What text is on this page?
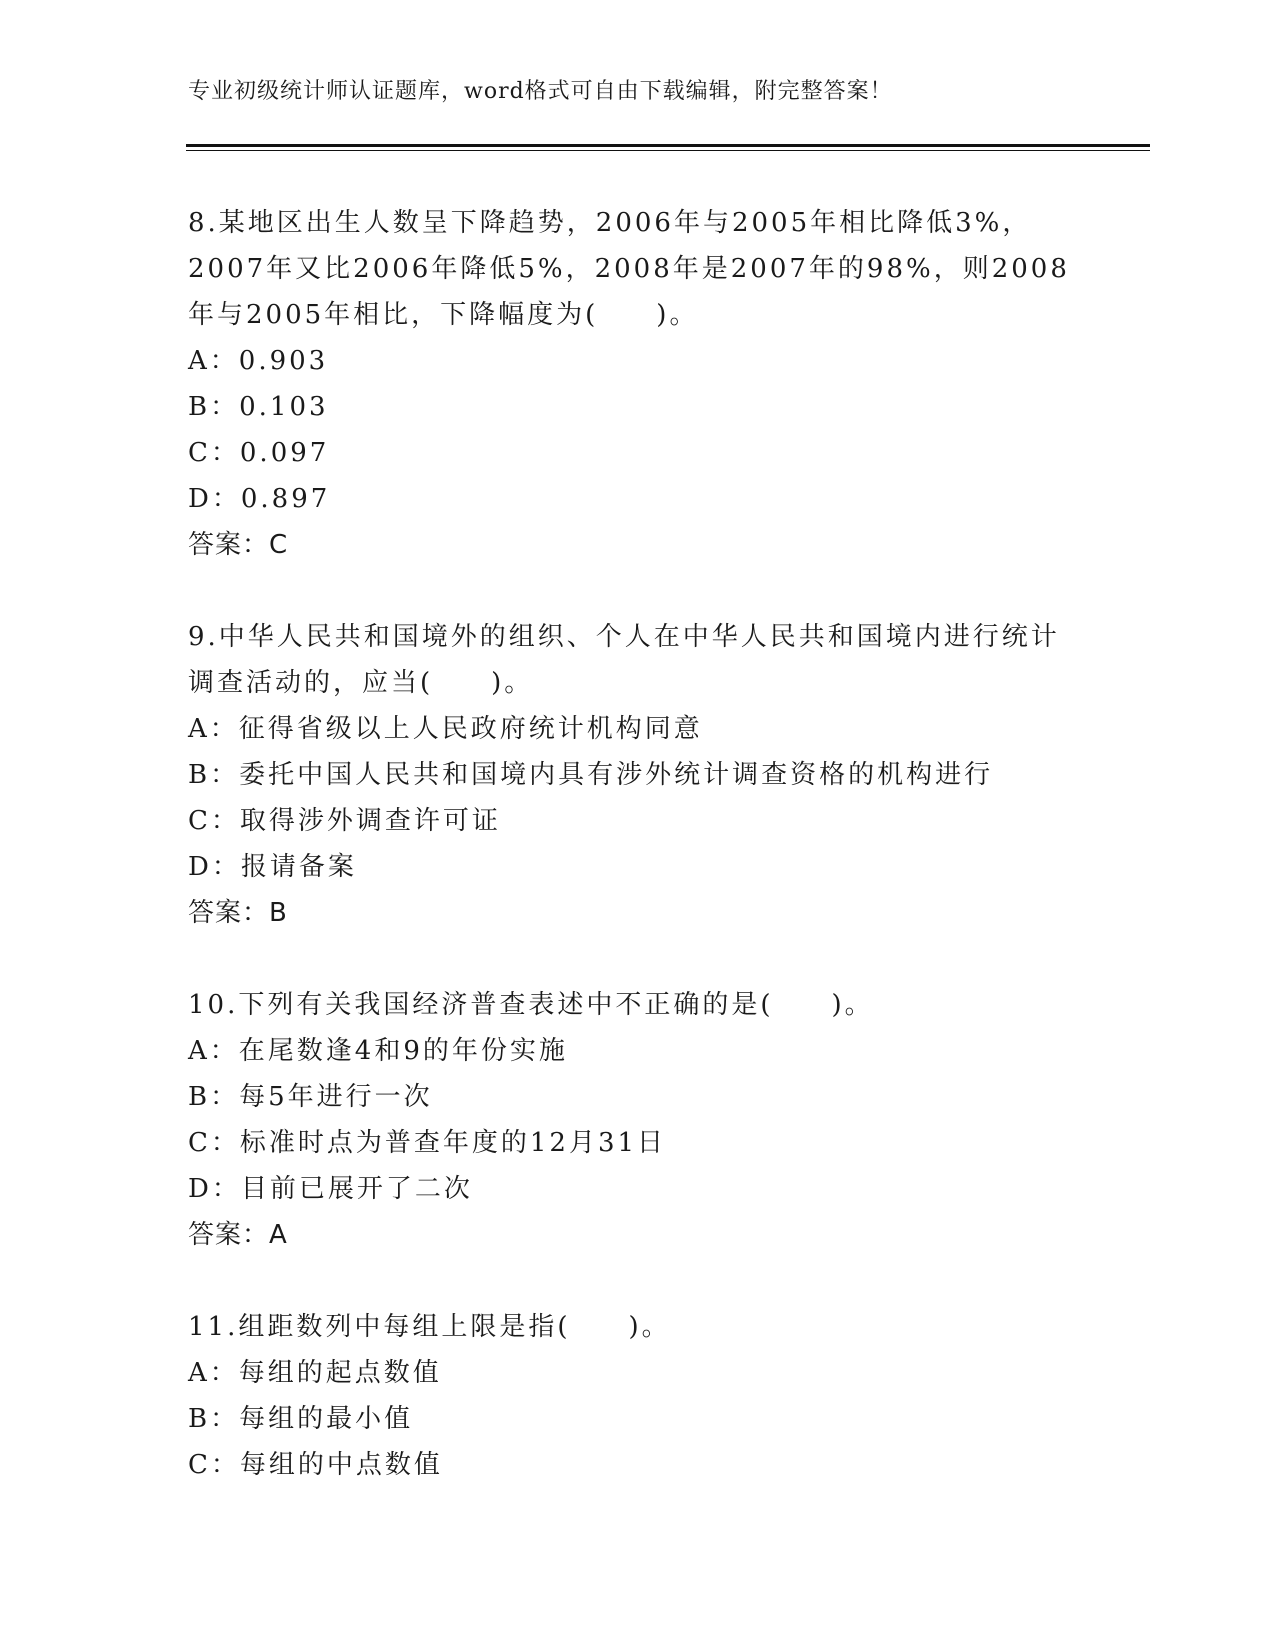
专业初级统计师认证题库，word格式可自由下载编辑，附完整答案！
8.某地区出生人数呈下降趋势，2006年与2005年相比降低3%，2007年又比2006年降低5%，2008年是2007年的98%，则2008年与2005年相比，下降幅度为(　　)。
A：0.903
B：0.103
C：0.097
D：0.897
答案：C
9.中华人民共和国境外的组织、个人在中华人民共和国境内进行统计调查活动的，应当(　　)。
A：征得省级以上人民政府统计机构同意
B：委托中国人民共和国境内具有涉外统计调查资格的机构进行
C：取得涉外调查许可证
D：报请备案
答案：B
10.下列有关我国经济普查表述中不正确的是(　　)。
A：在尾数逢4和9的年份实施
B：每5年进行一次
C：标准时点为普查年度的12月31日
D：目前已展开了二次
答案：A
11.组距数列中每组上限是指(　　)。
A：每组的起点数值
B：每组的最小值
C：每组的中点数值
